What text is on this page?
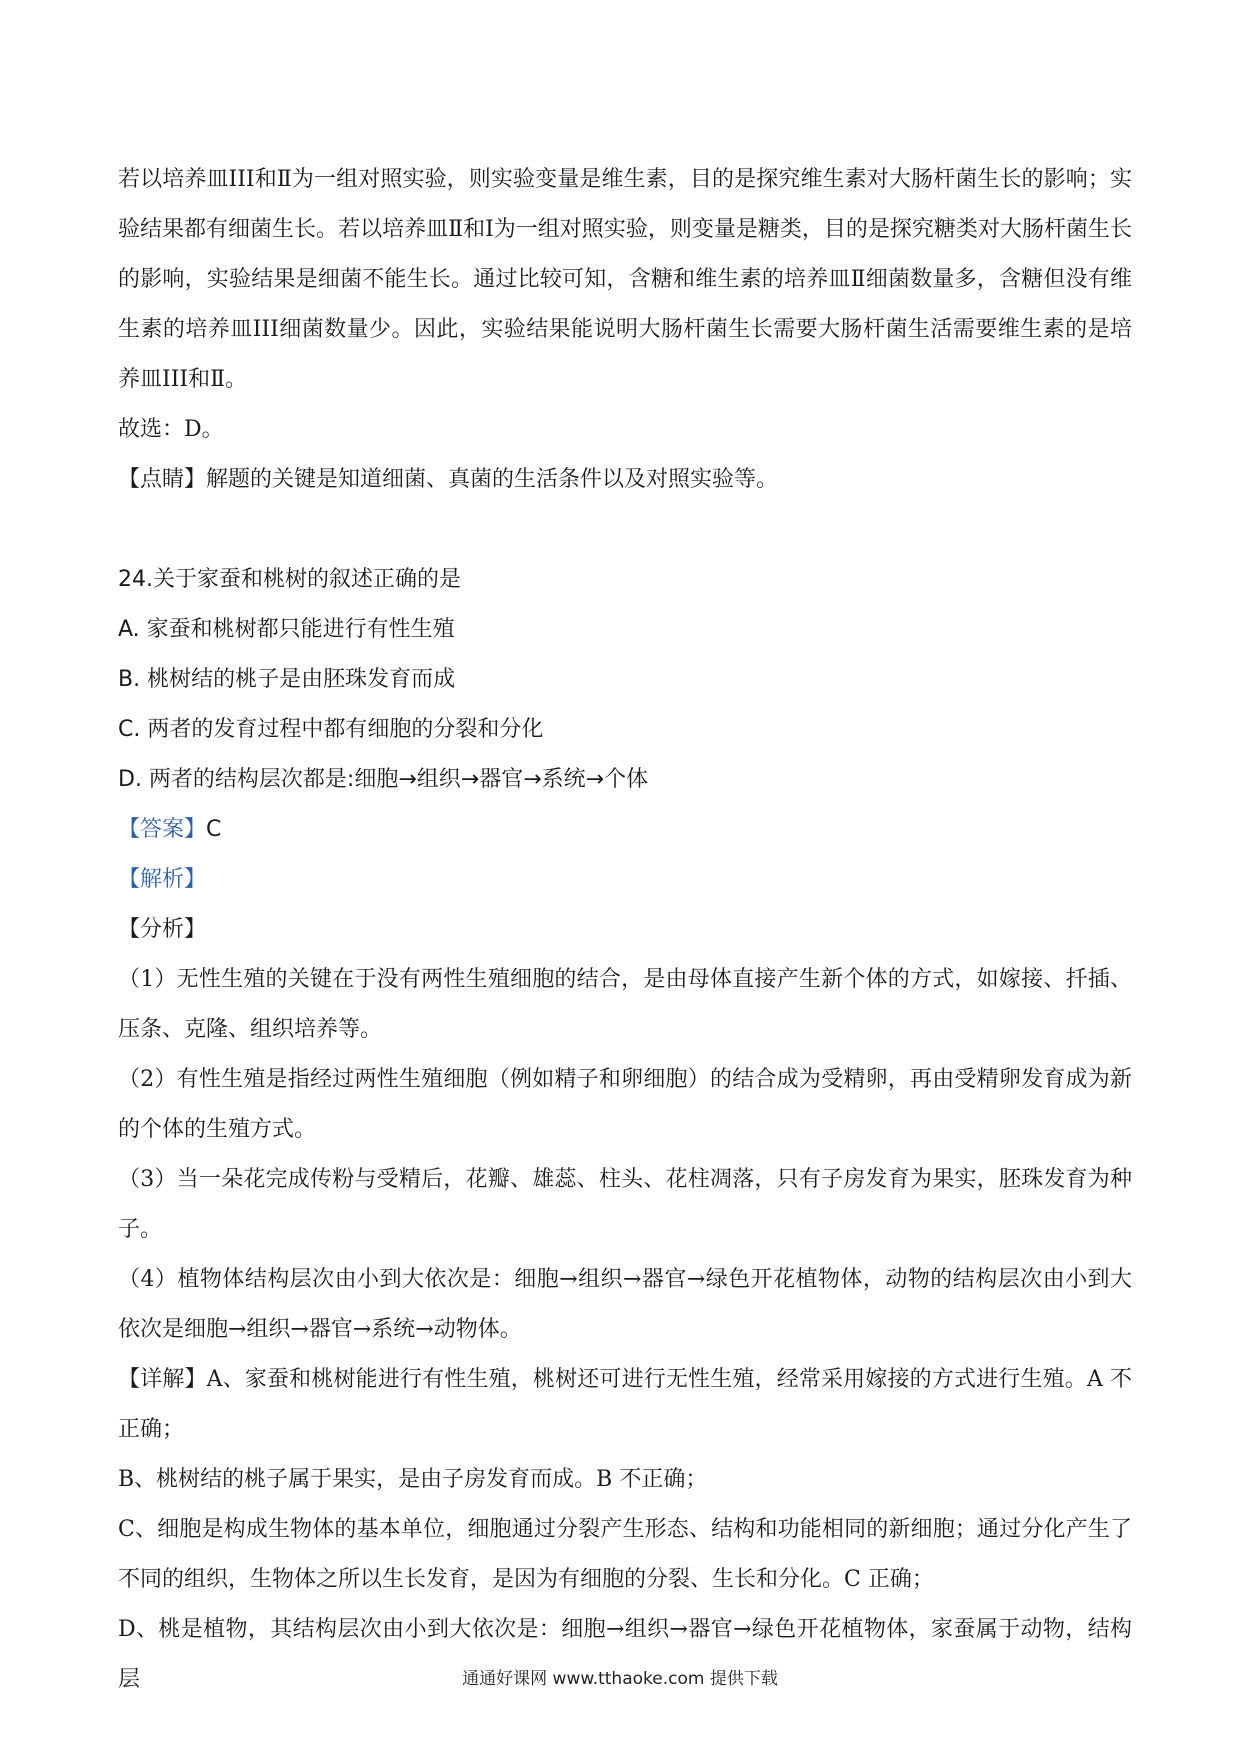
若以培养皿III和Ⅱ为一组对照实验，则实验变量是维生素，目的是探究维生素对大肠杆菌生长的影响；实验结果都有细菌生长。若以培养皿Ⅱ和Ⅰ为一组对照实验，则变量是糖类，目的是探究糖类对大肠杆菌生长的影响，实验结果是细菌不能生长。通过比较可知，含糖和维生素的培养皿Ⅱ细菌数量多，含糖但没有维生素的培养皿III细菌数量少。因此，实验结果能说明大肠杆菌生长需要大肠杆菌生活需要维生素的是培养皿III和Ⅱ。

故选：D。

【点睛】解题的关键是知道细菌、真菌的生活条件以及对照实验等。

24.关于家蚕和桃树的叙述正确的是

A. 家蚕和桃树都只能进行有性生殖

B. 桃树结的桃子是由胚珠发育而成

C. 两者的发育过程中都有细胞的分裂和分化

D. 两者的结构层次都是:细胞→组织→器官→系统→个体

【答案】C

【解析】

【分析】

（1）无性生殖的关键在于没有两性生殖细胞的结合，是由母体直接产生新个体的方式，如嫁接、扦插、压条、克隆、组织培养等。

（2）有性生殖是指经过两性生殖细胞（例如精子和卵细胞）的结合成为受精卵，再由受精卵发育成为新的个体的生殖方式。

（3）当一朵花完成传粉与受精后，花瓣、雄蕊、柱头、花柱凋落，只有子房发育为果实，胚珠发育为种子。

（4）植物体结构层次由小到大依次是：细胞→组织→器官→绿色开花植物体，动物的结构层次由小到大依次是细胞→组织→器官→系统→动物体。

【详解】A、家蚕和桃树能进行有性生殖，桃树还可进行无性生殖，经常采用嫁接的方式进行生殖。A 不正确；

B、桃树结的桃子属于果实，是由子房发育而成。B 不正确；

C、细胞是构成生物体的基本单位，细胞通过分裂产生形态、结构和功能相同的新细胞；通过分化产生了不同的组织，生物体之所以生长发育，是因为有细胞的分裂、生长和分化。C 正确；

D、桃是植物，其结构层次由小到大依次是：细胞→组织→器官→绿色开花植物体，家蚕属于动物，结构层	通通好课网 www.tthaoke.com 提供下载
